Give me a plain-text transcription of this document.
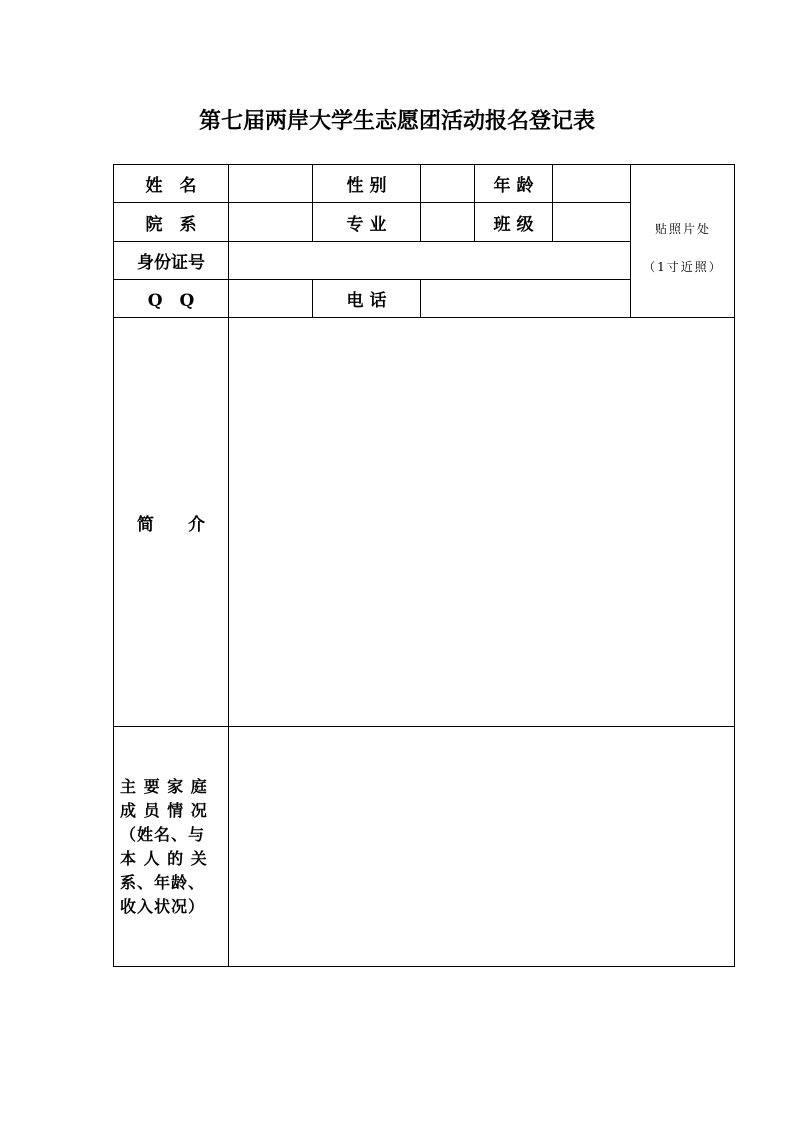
第七届两岸大学生志愿团活动报名登记表
姓　名	性 别	年 龄
院　系	专 业	班 级
身份证号
Q　Q	电 话
贴照片处
（1寸近照）
简　　介
主 要 家 庭
成 员 情 况
（姓名、与
本 人 的 关
系、年龄、
收入状况）
